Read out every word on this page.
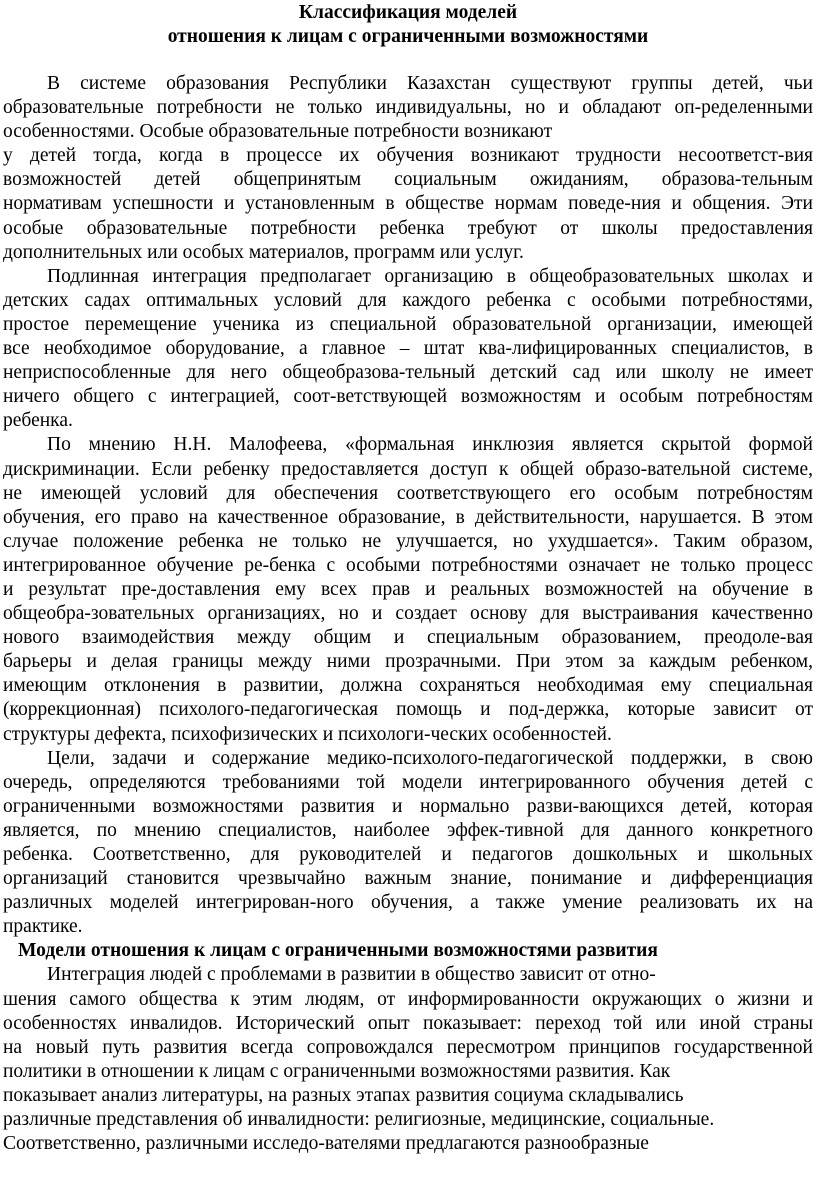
Классификация моделей
отношения к лицам с ограниченными возможностями
В системе образования Республики Казахстан существуют группы детей, чьи
образовательные потребности не только индивидуальны, но и обладают оп-ределенными
особенностями. Особые образовательные потребности возникают
у детей тогда, когда в процессе их обучения возникают трудности несоответст-вия
возможностей детей общепринятым социальным ожиданиям, образова-тельным
нормативам успешности и установленным в обществе нормам поведе-ния и общения. Эти
особые образовательные потребности ребенка требуют от школы предоставления
дополнительных или особых материалов, программ или услуг.
Подлинная интеграция предполагает организацию в общеобразовательных школах и
детских садах оптимальных условий для каждого ребенка с особыми потребностями,
простое перемещение ученика из специальной образовательной организации, имеющей
все необходимое оборудование, а главное – штат ква-лифицированных специалистов, в
неприспособленные для него общеобразова-тельный детский сад или школу не имеет
ничего общего с интеграцией, соот-ветствующей возможностям и особым потребностям
ребенка.
По мнению Н.Н. Малофеева, «формальная инклюзия является скрытой формой
дискриминации. Если ребенку предоставляется доступ к общей образо-вательной системе,
не имеющей условий для обеспечения соответствующего его особым потребностям
обучения, его право на качественное образование, в действительности, нарушается. В этом
случае положение ребенка не только не улучшается, но ухудшается». Таким образом,
интегрированное обучение ре-бенка с особыми потребностями означает не только процесс
и результат пре-доставления ему всех прав и реальных возможностей на обучение в
общеобра-зовательных организациях, но и создает основу для выстраивания качественно
нового взаимодействия между общим и специальным образованием, преодоле-вая
барьеры и делая границы между ними прозрачными. При этом за каждым ребенком,
имеющим отклонения в развитии, должна сохраняться необходимая ему специальная
(коррекционная) психолого-педагогическая помощь и под-держка, которые зависит от
структуры дефекта, психофизических и психологи-ческих особенностей.
Цели, задачи и содержание медико-психолого-педагогической поддержки, в свою
очередь, определяются требованиями той модели интегрированного обучения детей с
ограниченными возможностями развития и нормально разви-вающихся детей, которая
является, по мнению специалистов, наиболее эффек-тивной для данного конкретного
ребенка. Соответственно, для руководителей и педагогов дошкольных и школьных
организаций становится чрезвычайно важным знание, понимание и дифференциация
различных моделей интегрирован-ного обучения, а также умение реализовать их на
практике.
Модели отношения к лицам с ограниченными возможностями развития
Интеграция людей с проблемами в развитии в общество зависит от отно-
шения самого общества к этим людям, от информированности окружающих о жизни и
особенностях инвалидов. Исторический опыт показывает: переход той или иной страны
на новый путь развития всегда сопровождался пересмотром принципов государственной
политики в отношении к лицам с ограниченными возможностями развития. Как
показывает анализ литературы, на разных этапах развития социума складывались
различные представления об инвалидности: религиозные, медицинские, социальные.
Соответственно, различными исследо-вателями предлагаются разнообразные
